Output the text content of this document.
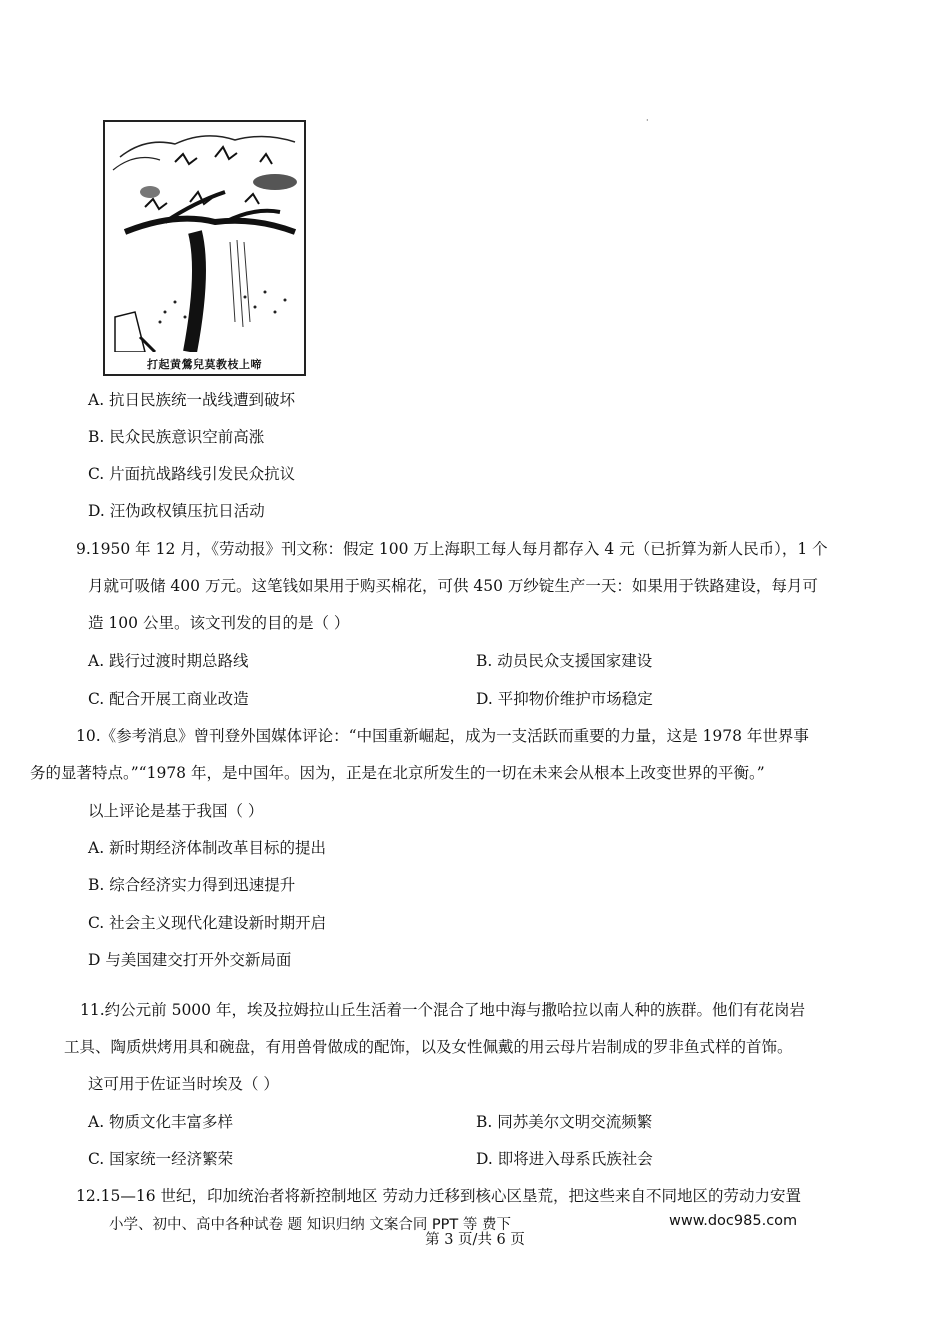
·
打起黄鶯兒莫教枝上啼
A. 抗日民族统一战线遭到破坏
B. 民众民族意识空前高涨
C. 片面抗战路线引发民众抗议
D. 汪伪政权镇压抗日活动
9.1950 年 12 月，《劳动报》刊文称：假定 100 万上海职工每人每月都存入 4 元（已折算为新人民币），1 个
月就可吸储 400 万元。这笔钱如果用于购买棉花，可供 450 万纱锭生产一天：如果用于铁路建设，每月可
造 100 公里。该文刊发的目的是（ ）
A. 践行过渡时期总路线	B. 动员民众支援国家建设
C. 配合开展工商业改造	D. 平抑物价维护市场稳定
10.《参考消息》曾刊登外国媒体评论：“中国重新崛起，成为一支活跃而重要的力量，这是 1978 年世界事
务的显著特点。”“1978 年，是中国年。因为，正是在北京所发生的一切在未来会从根本上改变世界的平衡。”
以上评论是基于我国（ ）
A. 新时期经济体制改革目标的提出
B. 综合经济实力得到迅速提升
C. 社会主义现代化建设新时期开启
D 与美国建交打开外交新局面
11.约公元前 5000 年，埃及拉姆拉山丘生活着一个混合了地中海与撒哈拉以南人种的族群。他们有花岗岩
工具、陶质烘烤用具和碗盘，有用兽骨做成的配饰，以及女性佩戴的用云母片岩制成的罗非鱼式样的首饰。
这可用于佐证当时埃及（ ）
A. 物质文化丰富多样	B. 同苏美尔文明交流频繁
C. 国家统一经济繁荣	D. 即将进入母系氏族社会
12.15—16 世纪，印加统治者将新控制地区 劳动力迁移到核心区垦荒，把这些来自不同地区的劳动力安置
小学、初中、高中各种试卷 题 知识归纳 文案合同 PPT 等 费下	www.doc985.com
第 3 页/共 6 页
